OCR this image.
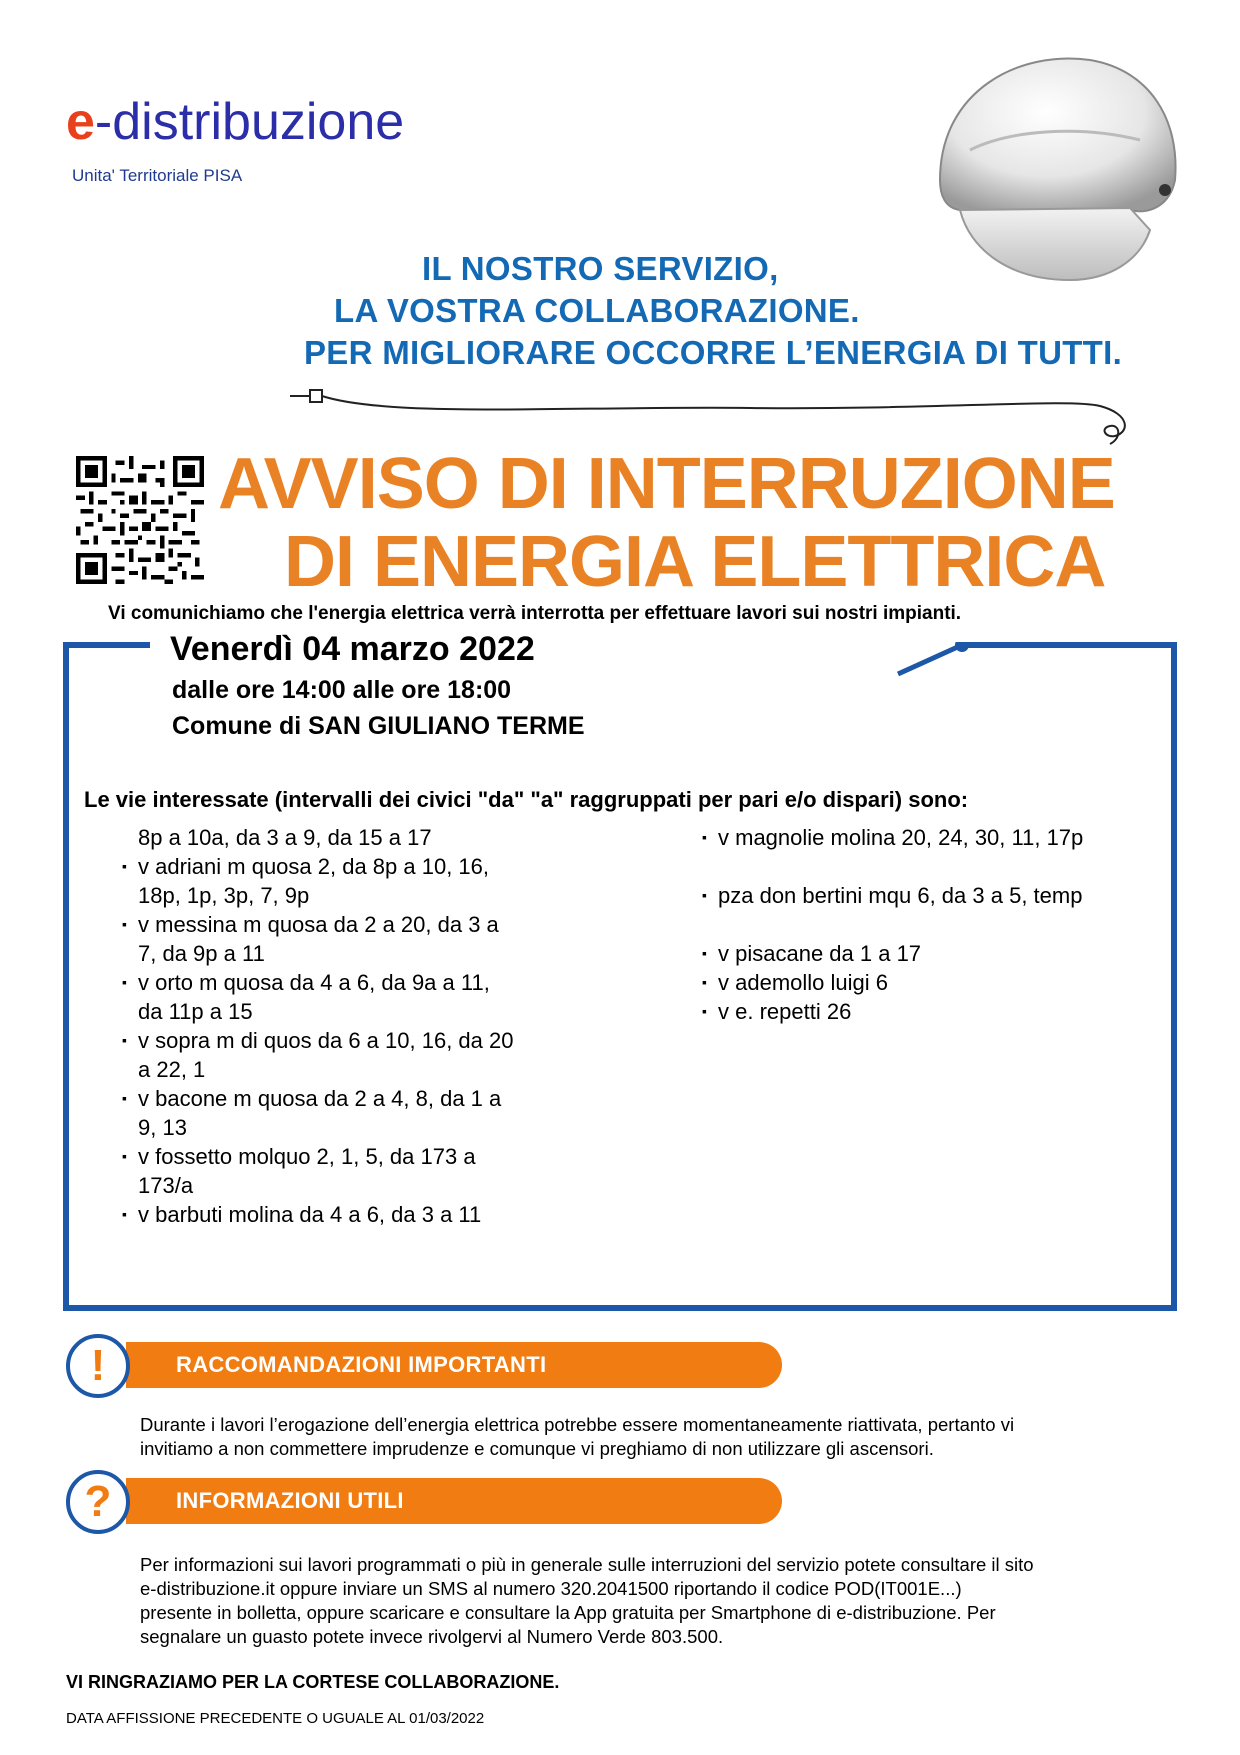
e-distribuzione
Unita' Territoriale PISA
IL NOSTRO SERVIZIO,
LA VOSTRA COLLABORAZIONE.
PER MIGLIORARE OCCORRE L’ENERGIA DI TUTTI.
AVVISO DI INTERRUZIONE
DI ENERGIA ELETTRICA
Vi comunichiamo che l'energia elettrica verrà interrotta per effettuare lavori sui nostri impianti.
Venerdì 04 marzo 2022
dalle ore 14:00 alle ore 18:00
Comune di SAN GIULIANO TERME
Le vie interessate (intervalli dei civici "da" "a" raggruppati per pari e/o dispari) sono:
8p a 10a, da 3 a 9, da 15 a 17
▪ v adriani m quosa 2, da 8p a 10, 16,
18p, 1p, 3p, 7, 9p
▪ v messina m quosa da 2 a 20, da 3 a
7, da 9p a 11
▪ v orto m quosa da 4 a 6, da 9a a 11,
da 11p a 15
▪ v sopra m di quos da 6 a 10, 16, da 20
a 22, 1
▪ v bacone m quosa da 2 a 4, 8, da 1 a
9, 13
▪ v fossetto molquo 2, 1, 5, da 173 a
173/a
▪ v barbuti molina da 4 a 6, da 3 a 11
▪ v magnolie molina 20, 24, 30, 11, 17p
▪ pza don bertini mqu 6, da 3 a 5, temp
▪ v pisacane da 1 a 17
▪ v ademollo luigi 6
▪ v e. repetti 26
!	RACCOMANDAZIONI IMPORTANTI
Durante i lavori l’erogazione dell’energia elettrica potrebbe essere momentaneamente riattivata, pertanto vi
invitiamo a non commettere imprudenze e comunque vi preghiamo di non utilizzare gli ascensori.
?	INFORMAZIONI UTILI
Per informazioni sui lavori programmati o più in generale sulle interruzioni del servizio potete consultare il sito
e-distribuzione.it oppure inviare un SMS al numero 320.2041500 riportando il codice POD(IT001E...)
presente in bolletta, oppure scaricare e consultare la App gratuita per Smartphone di e-distribuzione. Per
segnalare un guasto potete invece rivolgervi al Numero Verde 803.500.
VI RINGRAZIAMO PER LA CORTESE COLLABORAZIONE.
DATA AFFISSIONE PRECEDENTE O UGUALE AL 01/03/2022
